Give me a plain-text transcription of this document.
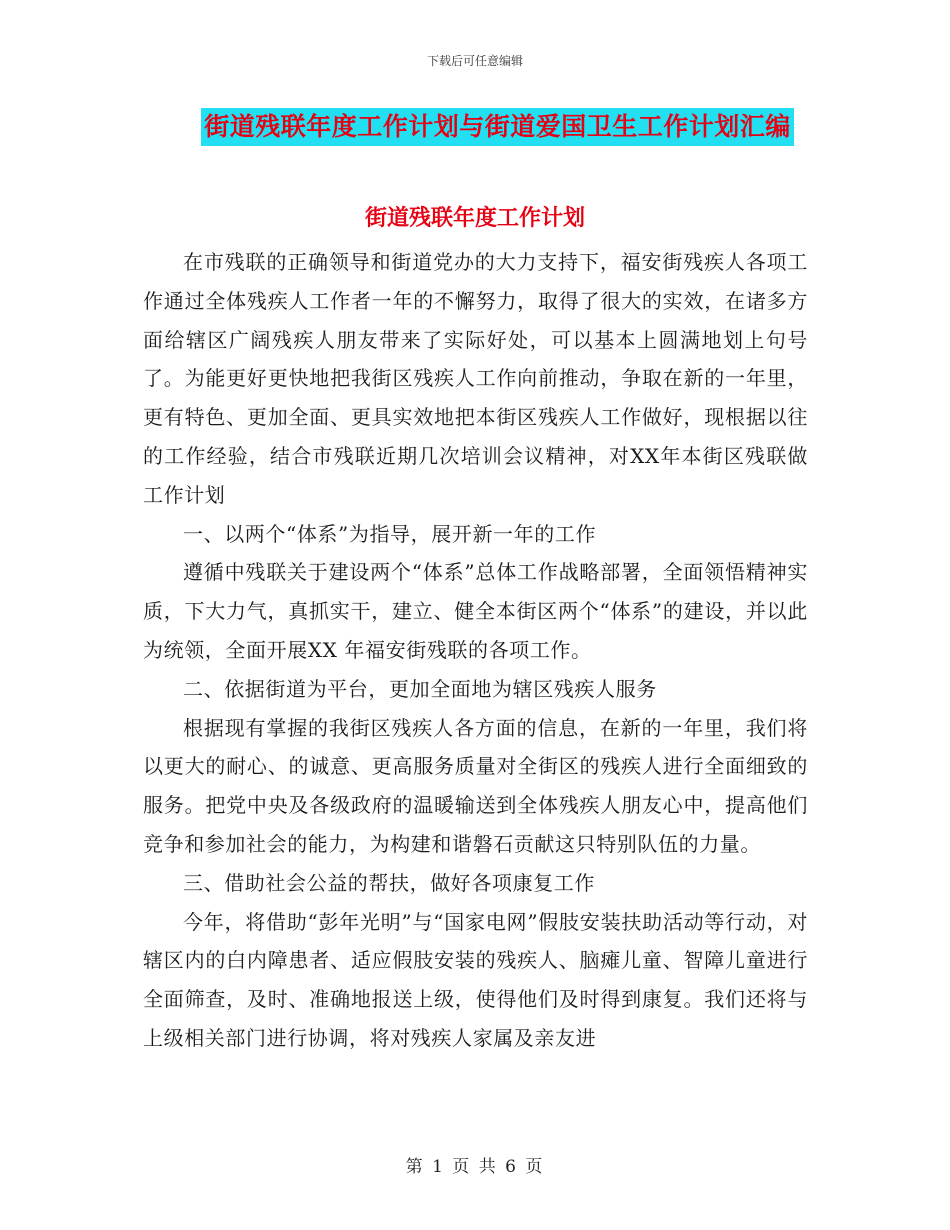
下载后可任意编辑
街道残联年度工作计划与街道爱国卫生工作计划汇编
街道残联年度工作计划

在市残联的正确领导和街道党办的大力支持下，福安街残疾人各项工作通过全体残疾人工作者一年的不懈努力，取得了很大的实效，在诸多方面给辖区广阔残疾人朋友带来了实际好处，可以基本上圆满地划上句号了。为能更好更快地把我街区残疾人工作向前推动，争取在新的一年里，更有特色、更加全面、更具实效地把本街区残疾人工作做好，现根据以往的工作经验，结合市残联近期几次培训会议精神，对XX年本街区残联做工作计划

一、以两个“体系”为指导，展开新一年的工作

遵循中残联关于建设两个“体系”总体工作战略部署，全面领悟精神实质，下大力气，真抓实干，建立、健全本街区两个“体系”的建设，并以此为统领，全面开展XX 年福安街残联的各项工作。

二、依据街道为平台，更加全面地为辖区残疾人服务

根据现有掌握的我街区残疾人各方面的信息，在新的一年里，我们将以更大的耐心、的诚意、更高服务质量对全街区的残疾人进行全面细致的服务。把党中央及各级政府的温暖输送到全体残疾人朋友心中，提高他们竞争和参加社会的能力，为构建和谐磐石贡献这只特别队伍的力量。

三、借助社会公益的帮扶，做好各项康复工作

今年，将借助“彭年光明”与“国家电网”假肢安装扶助活动等行动，对辖区内的白内障患者、适应假肢安装的残疾人、脑瘫儿童、智障儿童进行全面筛查，及时、准确地报送上级，使得他们及时得到康复。我们还将与上级相关部门进行协调，将对残疾人家属及亲友进

第 1 页 共 6 页
